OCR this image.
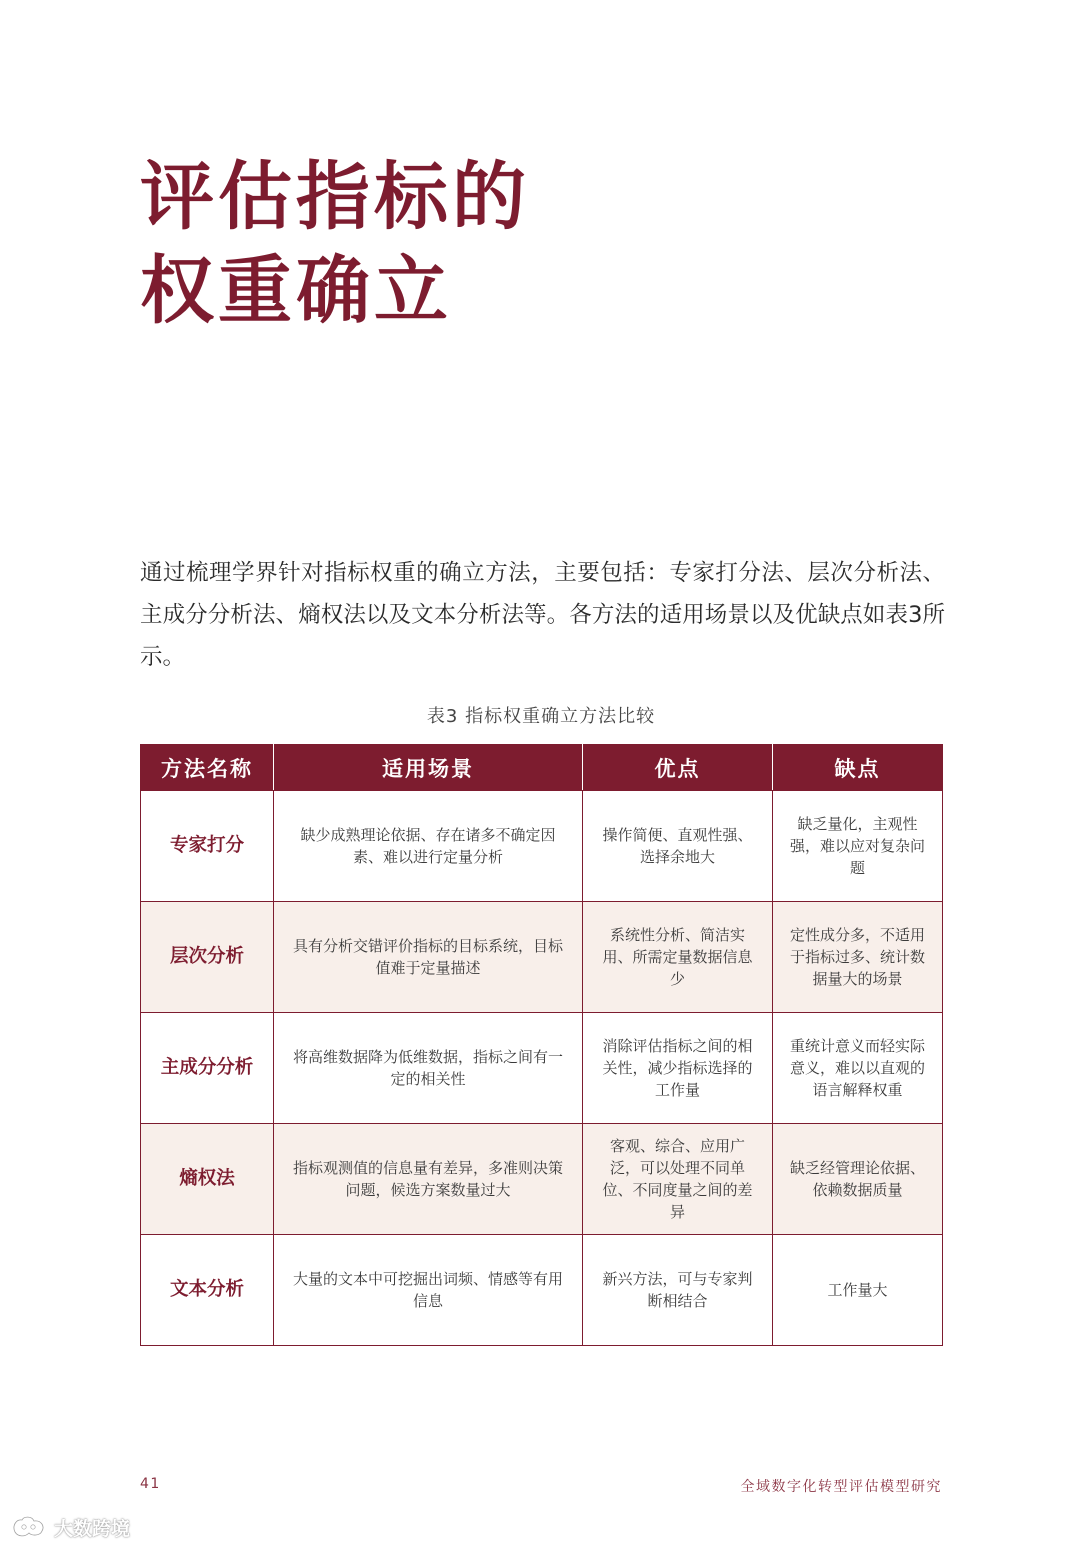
评估指标的
权重确立

通过梳理学界针对指标权重的确立方法，主要包括：专家打分法、层次分析法、主成分分析法、熵权法以及文本分析法等。各方法的适用场景以及优缺点如表3所示。

表3 指标权重确立方法比较
方法名称	适用场景	优点	缺点
专家打分	缺少成熟理论依据、存在诸多不确定因素、难以进行定量分析	操作简便、直观性强、选择余地大	缺乏量化，主观性强，难以应对复杂问题
层次分析	具有分析交错评价指标的目标系统，目标值难于定量描述	系统性分析、简洁实用、所需定量数据信息少	定性成分多，不适用于指标过多、统计数据量大的场景
主成分分析	将高维数据降为低维数据，指标之间有一定的相关性	消除评估指标之间的相关性，减少指标选择的工作量	重统计意义而轻实际意义，难以以直观的语言解释权重
熵权法	指标观测值的信息量有差异，多准则决策问题，候选方案数量过大	客观、综合、应用广泛，可以处理不同单位、不同度量之间的差异	缺乏经管理论依据、依赖数据质量
文本分析	大量的文本中可挖掘出词频、情感等有用信息	新兴方法，可与专家判断相结合	工作量大
41	全域数字化转型评估模型研究
大数跨境
